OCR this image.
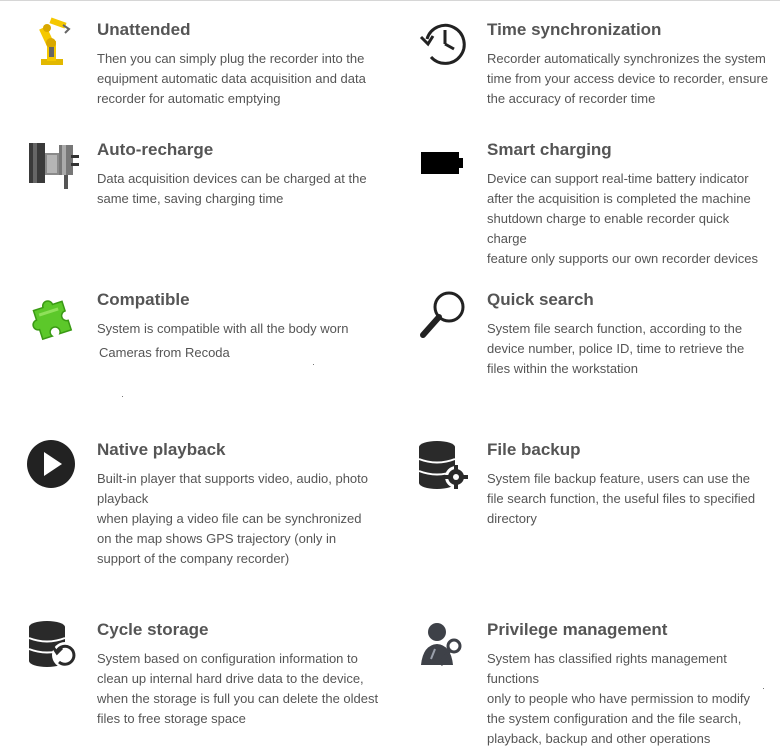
Unattended
Then you can simply plug the recorder into the
equipment automatic data acquisition and data
recorder for automatic emptying
Time synchronization
Recorder automatically synchronizes the system
time from your access device to recorder, ensure
the accuracy of recorder time
Auto-recharge
Data acquisition devices can be charged at the
same time, saving charging time
Smart charging
Device can support real-time battery indicator
after the acquisition is completed the machine
shutdown charge to enable recorder quick
charge
feature only supports our own recorder devices
Compatible
System is compatible with all the body worn
Cameras from Recoda
Quick search
System file search function, according to the
device number, police ID, time to retrieve the
files within the workstation
Native playback
Built-in player that supports video, audio, photo
playback
when playing a video file can be synchronized
on the map shows GPS trajectory (only in
support of the company recorder)
File backup
System file backup feature, users can use the
file search function, the useful files to specified
directory
Cycle storage
System based on configuration information to
clean up internal hard drive data to the device,
when the storage is full you can delete the oldest
files to free storage space
Privilege management
System has classified rights management
functions
only to people who have permission to modify
the system configuration and the file search,
playback, backup and other operations
